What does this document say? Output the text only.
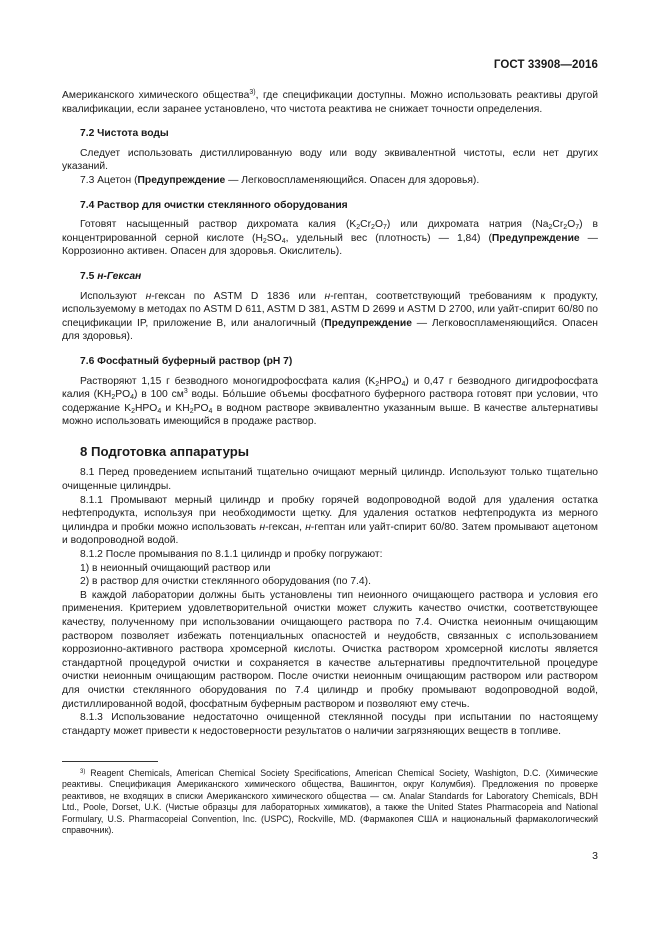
ГОСТ 33908—2016

Американского химического общества$^{3)}$, где спецификации доступны. Можно использовать реактивы другой квалификации, если заранее установлено, что чистота реактива не снижает точности определения.

7.2 Чистота воды

Следует использовать дистиллированную воду или воду эквивалентной чистоты, если нет других указаний.

7.3 Ацетон (Предупреждение — Легковоспламеняющийся. Опасен для здоровья).

7.4 Раствор для очистки стеклянного оборудования

Готовят насыщенный раствор дихромата калия $(K_2Cr_2O_7)$ или дихромата натрия $(Na_2Cr_2O_7)$ в концентрированной серной кислоте ($H_2SO_4$, удельный вес (плотность) — 1,84) (Предупреждение — Коррозионно активен. Опасен для здоровья. Окислитель).

7.5 н-Гексан

Используют н-гексан по ASTM D 1836 или н-гептан, соответствующий требованиям к продукту, используемому в методах по ASTM D 611, ASTM D 381, ASTM D 2699 и ASTM D 2700, или уайт-спирит 60/80 по спецификации IP, приложение B, или аналогичный (Предупреждение — Легковоспламеняющийся. Опасен для здоровья).

7.6 Фосфатный буферный раствор (рН 7)

Растворяют 1,15 г безводного моногидрофосфата калия $(K_2HPO_4)$ и 0,47 г безводного дигидрофосфата калия $(KH_2PO_4)$ в 100 $см^3$ воды. Бо́льшие объемы фосфатного буферного раствора готовят при условии, что содержание $K_2HPO_4$ и $KH_2PO_4$ в водном растворе эквивалентно указанным выше. В качестве альтернативы можно использовать имеющийся в продаже раствор.

8 Подготовка аппаратуры

8.1 Перед проведением испытаний тщательно очищают мерный цилиндр. Используют только тщательно очищенные цилиндры.

8.1.1 Промывают мерный цилиндр и пробку горячей водопроводной водой для удаления остатка нефтепродукта, используя при необходимости щетку. Для удаления остатков нефтепродукта из мерного цилиндра и пробки можно использовать н-гексан, н-гептан или уайт-спирит 60/80. Затем промывают ацетоном и водопроводной водой.

8.1.2 После промывания по 8.1.1 цилиндр и пробку погружают:

1) в неионный очищающий раствор или

2) в раствор для очистки стеклянного оборудования (по 7.4).

В каждой лаборатории должны быть установлены тип неионного очищающего раствора и условия его применения. Критерием удовлетворительной очистки может служить качество очистки, соответствующее качеству, полученному при использовании очищающего раствора по 7.4. Очистка неионным очищающим раствором позволяет избежать потенциальных опасностей и неудобств, связанных с использованием коррозионно-активного раствора хромсерной кислоты. Очистка раствором хромсерной кислоты является стандартной процедурой очистки и сохраняется в качестве альтернативы предпочтительной процедуре очистки неионным очищающим раствором. После очистки неионным очищающим раствором или раствором для очистки стеклянного оборудования по 7.4 цилиндр и пробку промывают водопроводной водой, дистиллированной водой, фосфатным буферным раствором и позволяют ему стечь.

8.1.3 Использование недостаточно очищенной стеклянной посуды при испытании по настоящему стандарту может привести к недостоверности результатов о наличии загрязняющих веществ в топливе.

$^{3)}$ Reagent Chemicals, American Chemical Society Specifications, American Chemical Society, Washigton, D.C. (Химические реактивы. Спецификация Американского химического общества, Вашингтон, округ Колумбия). Предложения по проверке реактивов, не входящих в списки Американского химического общества — см. Analar Standards for Laboratory Chemicals, BDH Ltd., Poole, Dorset, U.K. (Чистые образцы для лабораторных химикатов), а также the United States Pharmacopeia and National Formulary, U.S. Pharmacopeial Convention, Inc. (USPC), Rockville, MD. (Фармакопея США и национальный фармакологический справочник).

3
